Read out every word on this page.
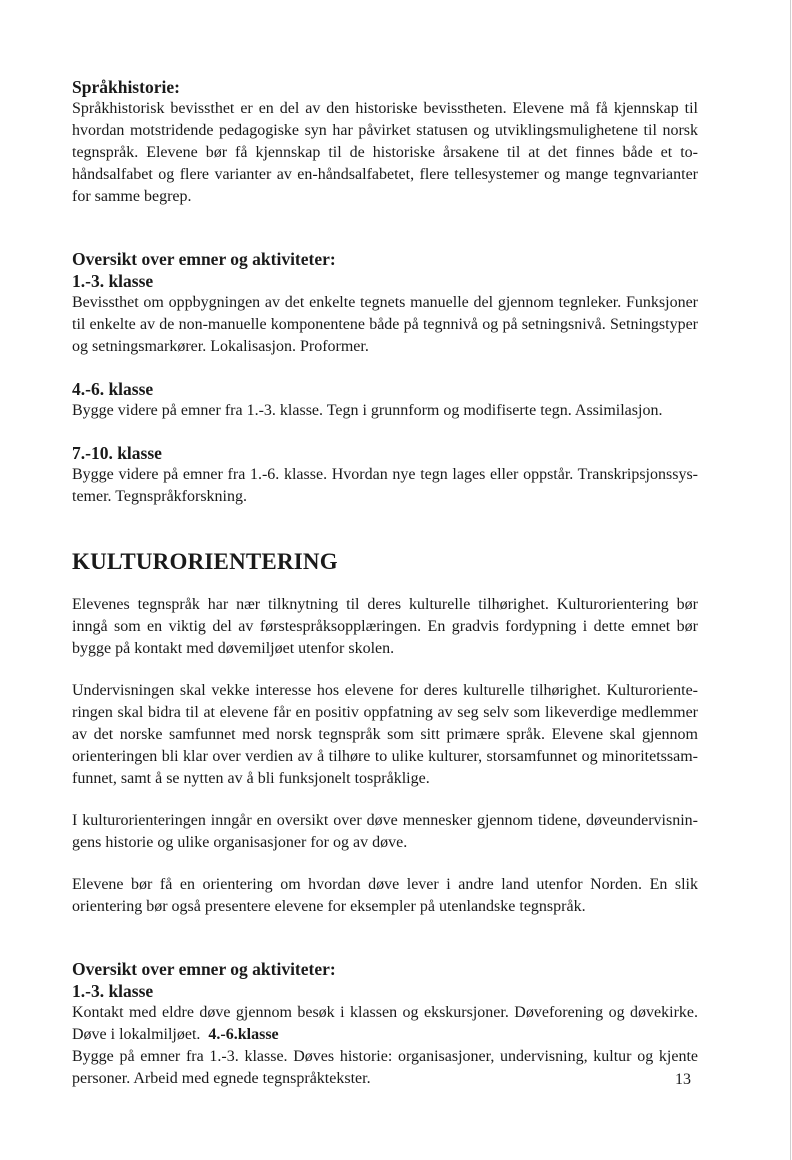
Språkhistorie:

Språkhistorisk bevissthet er en del av den historiske bevisstheten. Elevene må få kjennskap til hvordan motstridende pedagogiske syn har påvirket statusen og utviklingsmulighetene til norsk tegnspråk. Elevene bør få kjennskap til de historiske årsakene til at det finnes både et to-håndsalfabet og flere varianter av en-håndsalfabetet, flere tellesystemer og mange tegnvarianter for samme begrep.

Oversikt over emner og aktiviteter:
1.-3. klasse

Bevissthet om oppbygningen av det enkelte tegnets manuelle del gjennom tegnleker. Funksjoner til enkelte av de non-manuelle komponentene både på tegnnivå og på setningsnivå. Setningstyper og setningsmarkører. Lokalisasjon. Proformer.

4.-6. klasse

Bygge videre på emner fra 1.-3. klasse. Tegn i grunnform og modifiserte tegn. Assimilasjon.

7.-10. klasse

Bygge videre på emner fra 1.-6. klasse. Hvordan nye tegn lages eller oppstår. Transkripsjonssys-temer. Tegnspråkforskning.

KULTURORIENTERING

Elevenes tegnspråk har nær tilknytning til deres kulturelle tilhørighet. Kulturorientering bør inngå som en viktig del av førstespråksopplæringen. En gradvis fordypning i dette emnet bør bygge på kontakt med døvemiljøet utenfor skolen.

Undervisningen skal vekke interesse hos elevene for deres kulturelle tilhørighet. Kulturoriente-ringen skal bidra til at elevene får en positiv oppfatning av seg selv som likeverdige medlemmer av det norske samfunnet med norsk tegnspråk som sitt primære språk. Elevene skal gjennom orienteringen bli klar over verdien av å tilhøre to ulike kulturer, storsamfunnet og minoritetssam-funnet, samt å se nytten av å bli funksjonelt tospråklige.

I kulturorienteringen inngår en oversikt over døve mennesker gjennom tidene, døveundervisnin-gens historie og ulike organisasjoner for og av døve.

Elevene bør få en orientering om hvordan døve lever i andre land utenfor Norden. En slik orientering bør også presentere elevene for eksempler på utenlandske tegnspråk.

Oversikt over emner og aktiviteter:
1.-3. klasse

Kontakt med eldre døve gjennom besøk i klassen og ekskursjoner. Døveforening og døvekirke. Døve i lokalmiljøet. 4.-6.klasse

Bygge på emner fra 1.-3. klasse. Døves historie: organisasjoner, undervisning, kultur og kjente personer. Arbeid med egnede tegnspråktekster.	13
